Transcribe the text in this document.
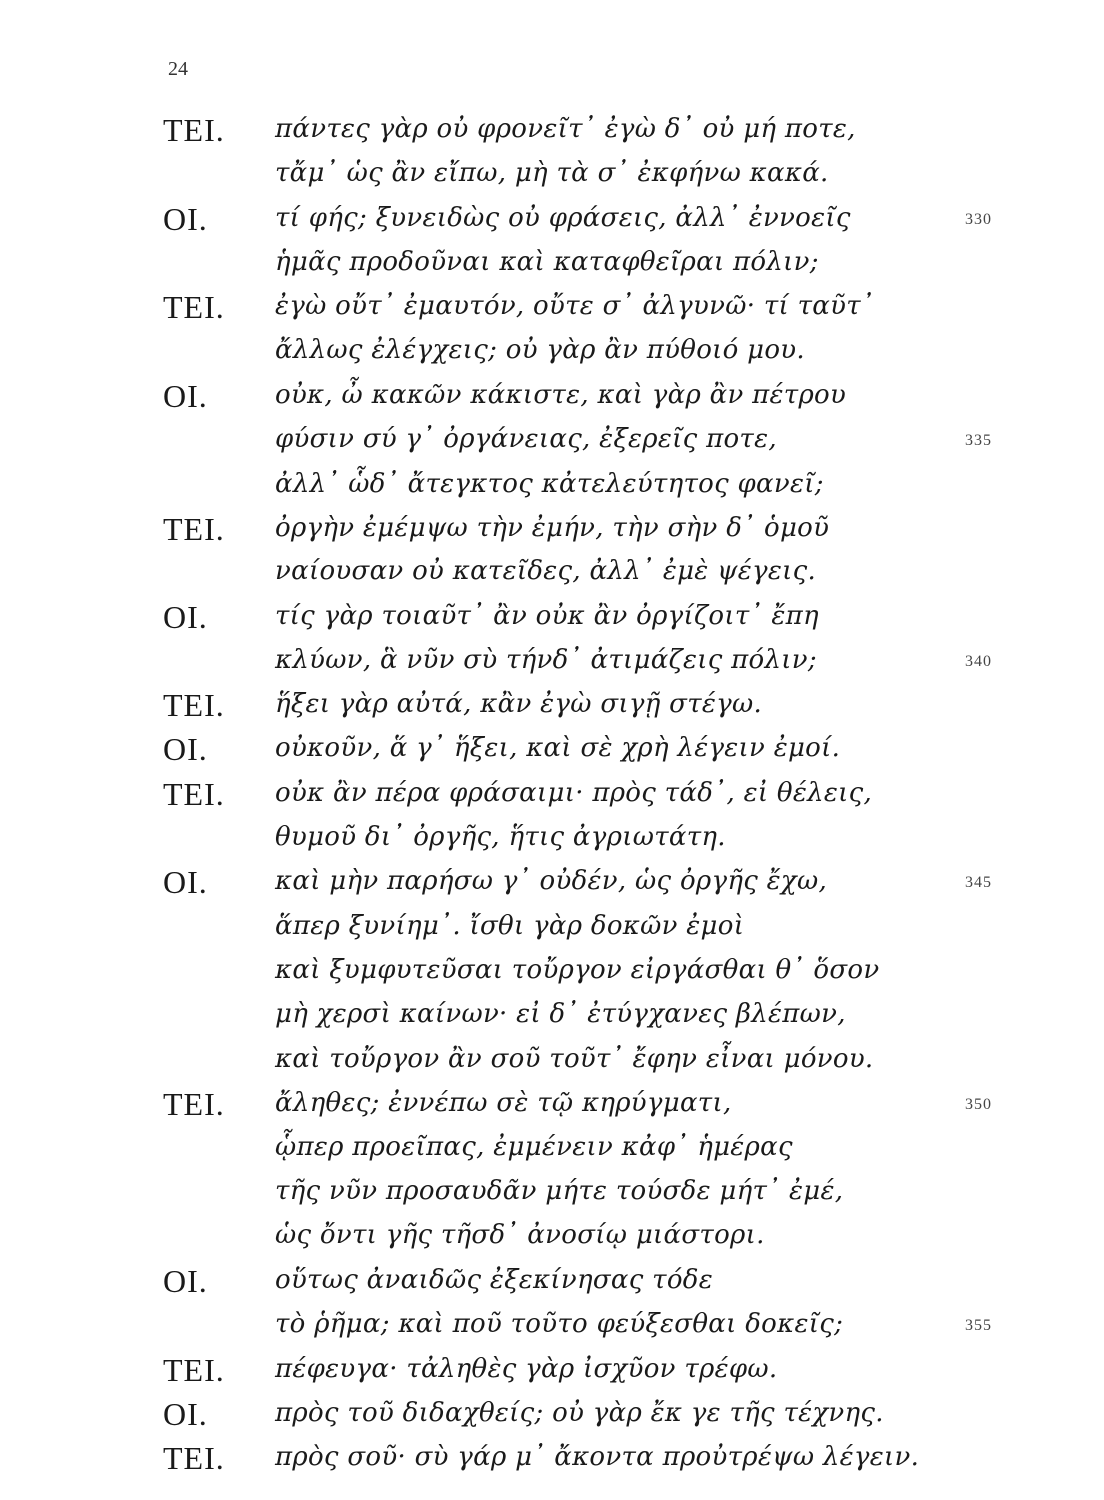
24
TEI. πάντες γὰρ οὐ φρονεῖτ᾽ ἐγὼ δ᾽ οὐ μή ποτε,
τἄμ᾽ ὡς ἂν εἴπω, μὴ τὰ σ᾽ ἐκφήνω κακά.
OI.	τί φής; ξυνειδὼς οὐ φράσεις, ἀλλ᾽ ἐννοεῖς	330
ἡμᾶς προδοῦναι καὶ καταφθεῖραι πόλιν;
TEI. ἐγὼ οὔτ᾽ ἐμαυτόν, οὔτε σ᾽ ἀλγυνῶ· τί ταῦτ᾽
ἄλλως ἐλέγχεις; οὐ γὰρ ἂν πύθοιό μου.
OI.	οὐκ, ὦ κακῶν κάκιστε, καὶ γὰρ ἂν πέτρου
φύσιν σύ γ᾽ ὀργάνειας, ἐξερεῖς ποτε,	335
ἀλλ᾽ ὧδ᾽ ἄτεγκτος κἀτελεύτητος φανεῖ;
TEI. ὀργὴν ἐμέμψω τὴν ἐμήν, τὴν σὴν δ᾽ ὁμοῦ
ναίουσαν οὐ κατεῖδες, ἀλλ᾽ ἐμὲ ψέγεις.
OI.	τίς γὰρ τοιαῦτ᾽ ἂν οὐκ ἂν ὀργίζοιτ᾽ ἔπη
κλύων, ἃ νῦν σὺ τήνδ᾽ ἀτιμάζεις πόλιν;	340
TEI. ἥξει γὰρ αὐτά, κἂν ἐγὼ σιγῇ στέγω.
OI.	οὐκοῦν, ἅ γ᾽ ἥξει, καὶ σὲ χρὴ λέγειν ἐμοί.
TEI. οὐκ ἂν πέρα φράσαιμι· πρὸς τάδ᾽, εἰ θέλεις,
θυμοῦ δι᾽ ὀργῆς, ἥτις ἀγριωτάτη.
OI.	καὶ μὴν παρήσω γ᾽ οὐδέν, ὡς ὀργῆς ἔχω,	345
ἅπερ ξυνίημ᾽. ἴσθι γὰρ δοκῶν ἐμοὶ
καὶ ξυμφυτεῦσαι τοὔργον εἰργάσθαι θ᾽ ὅσον
μὴ χερσὶ καίνων· εἰ δ᾽ ἐτύγχανες βλέπων,
καὶ τοὔργον ἂν σοῦ τοῦτ᾽ ἔφην εἶναι μόνου.
TEI. ἄληθες; ἐννέπω σὲ τῷ κηρύγματι,	350
ᾧπερ προεῖπας, ἐμμένειν κἀφ᾽ ἡμέρας
τῆς νῦν προσαυδᾶν μήτε τούσδε μήτ᾽ ἐμέ,
ὡς ὄντι γῆς τῆσδ᾽ ἀνοσίῳ μιάστορι.
OI.	οὕτως ἀναιδῶς ἐξεκίνησας τόδε
τὸ ῥῆμα; καὶ ποῦ τοῦτο φεύξεσθαι δοκεῖς;	355
TEI. πέφευγα· τἀληθὲς γὰρ ἰσχῦον τρέφω.
OI.	πρὸς τοῦ διδαχθείς; οὐ γὰρ ἔκ γε τῆς τέχνης.
TEI. πρὸς σοῦ· σὺ γάρ μ᾽ ἄκοντα προὐτρέψω λέγειν.
